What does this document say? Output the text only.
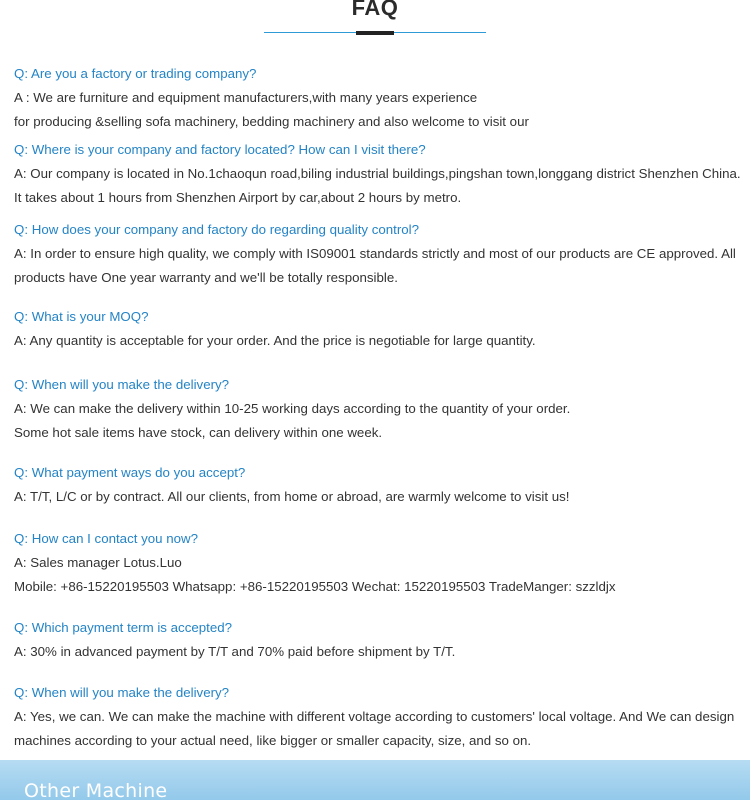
FAQ
Q: Are you a factory or trading company?
A : We are furniture and equipment manufacturers,with many years experience
for producing &selling sofa machinery, bedding machinery and also welcome to visit our
Q: Where is your company and factory located? How can I visit there?
A: Our company is located in No.1chaoqun road,biling industrial buildings,pingshan town,longgang district Shenzhen China.
It takes about 1 hours from Shenzhen Airport by car,about 2 hours by metro.
Q: How does your company and factory do regarding quality control?
A: In order to ensure high quality, we comply with IS09001 standards strictly and most of our products are CE approved. All products have One year warranty and we'll be totally responsible.
Q: What is your MOQ?
A: Any quantity is acceptable for your order. And the price is negotiable for large quantity.
Q: When will you make the delivery?
A: We can make the delivery within 10-25 working days according to the quantity of your order.
Some hot sale items have stock, can delivery within one week.
Q: What payment ways do you accept?
A: T/T, L/C or by contract. All our clients, from home or abroad, are warmly welcome to visit us!
Q: How can I contact you now?
A: Sales manager Lotus.Luo
Mobile: +86-15220195503 Whatsapp: +86-15220195503 Wechat: 15220195503 TradeManger: szzldjx
Q: Which payment term is accepted?
A: 30% in advanced payment by T/T and 70% paid before shipment by T/T.
Q: When will you make the delivery?
A: Yes, we can. We can make the machine with different voltage according to customers' local voltage. And We can design machines according to your actual need, like bigger or smaller capacity, size, and so on.
Other Machine
